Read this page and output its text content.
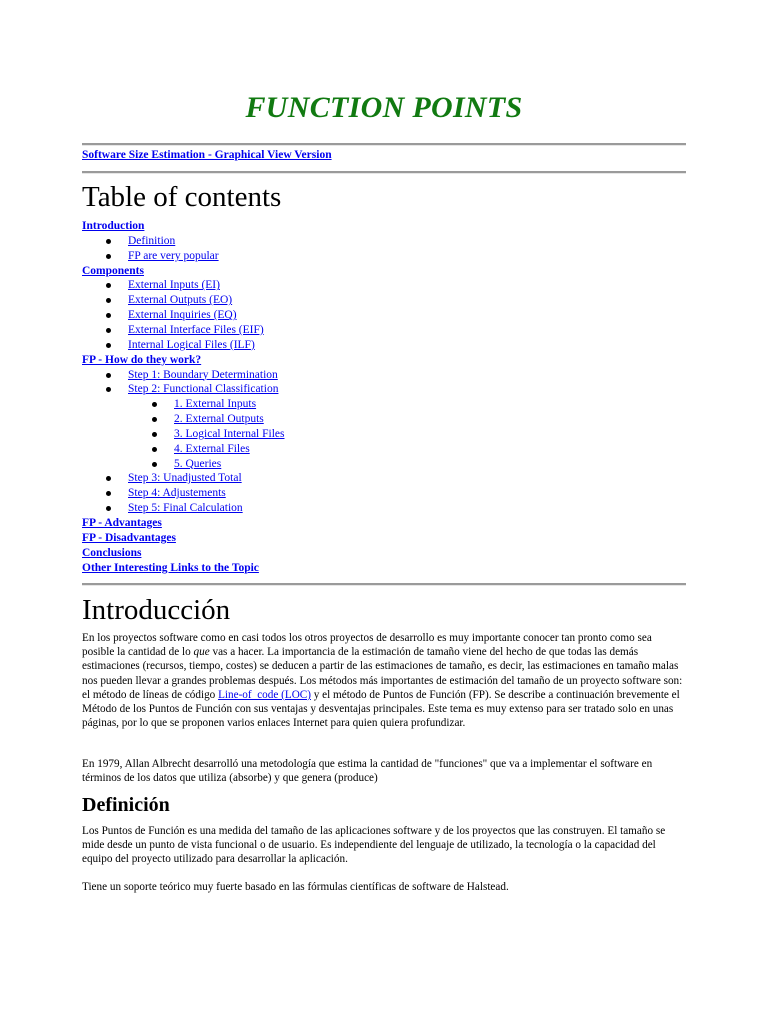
FUNCTION POINTS
Software Size Estimation - Graphical View Version
Table of contents
Introduction
Definition
FP are very popular
Components
External Inputs (EI)
External Outputs (EO)
External Inquiries (EQ)
External Interface Files (EIF)
Internal Logical Files (ILF)
FP - How do they work?
Step 1: Boundary Determination
Step 2: Functional Classification
1. External Inputs
2. External Outputs
3. Logical Internal Files
4. External Files
5. Queries
Step 3: Unadjusted Total
Step 4: Adjustements
Step 5: Final Calculation
FP - Advantages
FP - Disadvantages
Conclusions
Other Interesting Links to the Topic
Introducción

En los proyectos software como en casi todos los otros proyectos de desarrollo es muy importante conocer tan pronto como sea posible la cantidad de lo que vas a hacer. La importancia de la estimación de tamaño viene del hecho de que todas las demás estimaciones (recursos, tiempo, costes) se deducen a partir de las estimaciones de tamaño, es decir, las estimaciones en tamaño malas nos pueden llevar a grandes problemas después. Los métodos más importantes de estimación del tamaño de un proyecto software son: el método de líneas de código Line-of_code (LOC) y el método de Puntos de Función (FP). Se describe a continuación brevemente el Método de los Puntos de Función con sus ventajas y desventajas principales. Este tema es muy extenso para ser tratado solo en unas páginas, por lo que se proponen varios enlaces Internet para quien quiera profundizar.

En 1979, Allan Albrecht desarrolló una metodología que estima la cantidad de "funciones" que va a implementar el software en términos de los datos que utiliza (absorbe) y que genera (produce)

Definición

Los Puntos de Función es una medida del tamaño de las aplicaciones software y de los proyectos que las construyen. El tamaño se mide desde un punto de vista funcional o de usuario. Es independiente del lenguaje de utilizado, la tecnología o la capacidad del equipo del proyecto utilizado para desarrollar la aplicación.

Tiene un soporte teórico muy fuerte basado en las fórmulas científicas de software de Halstead.
